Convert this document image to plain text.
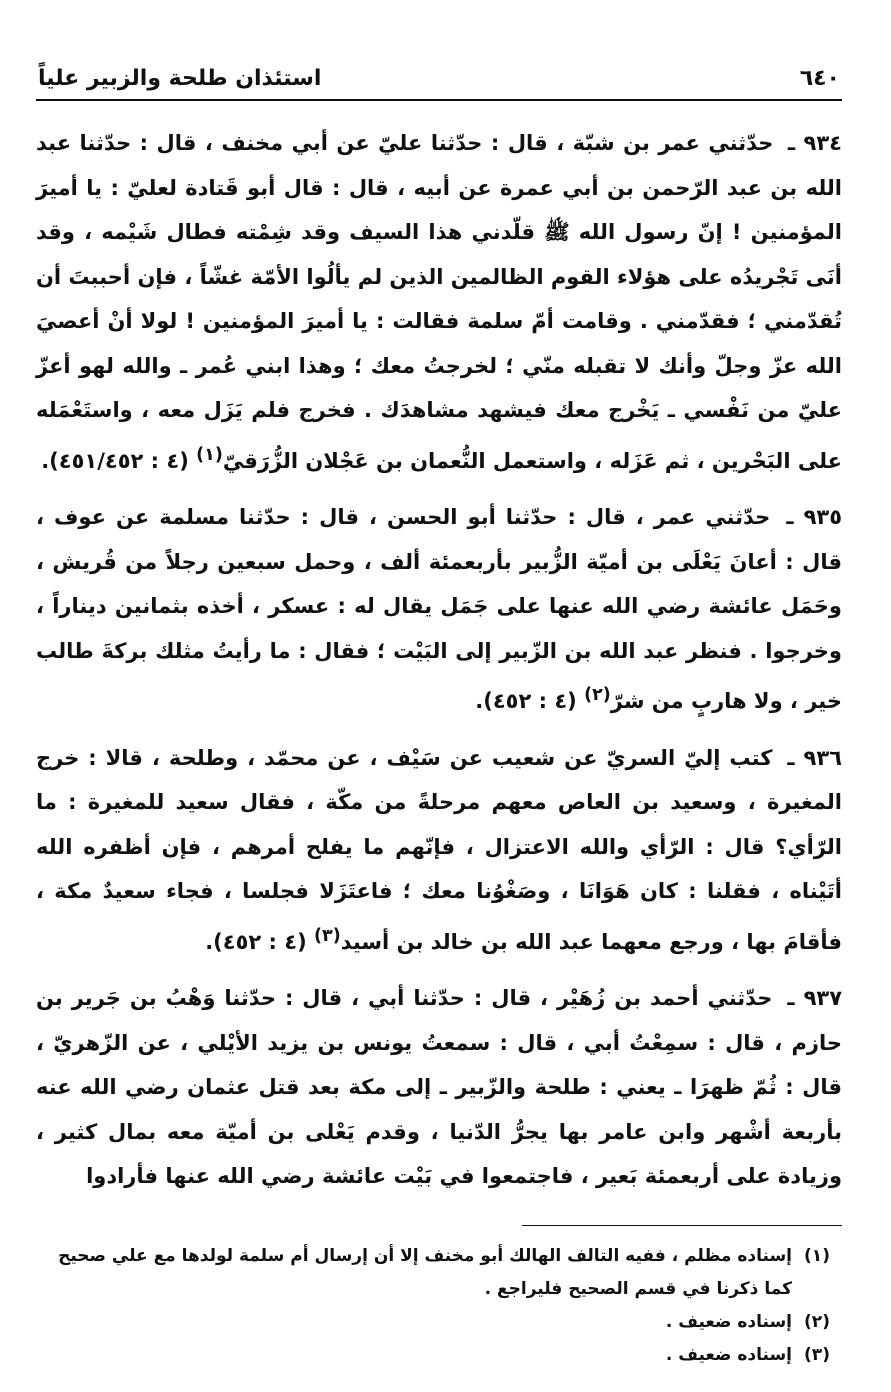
٦٤٠
استئذان طلحة والزبير علياً

٩٣٤ ـ حدّثني عمر بن شبّة ، قال : حدّثنا عليّ عن أبي مخنف ، قال : حدّثنا عبد الله بن عبد الرّحمن بن أبي عمرة عن أبيه ، قال : قال أبو قَتادة لعليّ : يا أميرَ المؤمنين ! إنّ رسول الله ﷺ قلّدني هذا السيف وقد شِمْته فطال شَيْمه ، وقد أنَى تَجْريدُه على هؤلاء القوم الظالمين الذين لم يألُوا الأمّة غشّاً ، فإن أحببتَ أن تُقدّمني ؛ فقدّمني . وقامت أمّ سلمة فقالت : يا أميرَ المؤمنين ! لولا أنْ أعصيَ الله عزّ وجلّ وأنك لا تقبله منّي ؛ لخرجتُ معك ؛ وهذا ابني عُمر ـ والله لهو أعزّ عليّ من نَفْسي ـ يَخْرج معك فيشهد مشاهدَك . فخرج فلم يَزَل معه ، واستَعْمَله على البَحْرين ، ثم عَزَله ، واستعمل النُّعمان بن عَجْلان الزُّرَقيّ$^{(١)}$ (٤ : ٤٥١/٤٥٢).

٩٣٥ ـ حدّثني عمر ، قال : حدّثنا أبو الحسن ، قال : حدّثنا مسلمة عن عوف ، قال : أعانَ يَعْلَى بن أميّة الزُّبير بأربعمئة ألف ، وحمل سبعين رجلاً من قُريش ، وحَمَل عائشة رضي الله عنها على جَمَل يقال له : عسكر ، أخذه بثمانين ديناراً ، وخرجوا . فنظر عبد الله بن الزّبير إلى البَيْت ؛ فقال : ما رأيتُ مثلك بركةَ طالب خير ، ولا هاربٍ من شرّ$^{(٢)}$ (٤ : ٤٥٢).

٩٣٦ ـ كتب إليّ السريّ عن شعيب عن سَيْف ، عن محمّد ، وطلحة ، قالا : خرج المغيرة ، وسعيد بن العاص معهم مرحلةً من مكّة ، فقال سعيد للمغيرة : ما الرّأي؟ قال : الرّأي والله الاعتزال ، فإنّهم ما يفلح أمرهم ، فإن أظفره الله أتَيْناه ، فقلنا : كان هَوَانَا ، وصَغْوُنا معك ؛ فاعتَزَلا فجلسا ، فجاء سعيدٌ مكة ، فأقامَ بها ، ورجع معهما عبد الله بن خالد بن أسيد$^{(٣)}$ (٤ : ٤٥٢).

٩٣٧ ـ حدّثني أحمد بن زُهَيْر ، قال : حدّثنا أبي ، قال : حدّثنا وَهْبُ بن جَرير بن حازم ، قال : سمِعْتُ أبي ، قال : سمعتُ يونس بن يزيد الأيْلي ، عن الزّهريّ ، قال : ثُمّ ظهرَا ـ يعني : طلحة والزّبير ـ إلى مكة بعد قتل عثمان رضي الله عنه بأربعة أشْهر وابن عامر بها يجرُّ الدّنيا ، وقدم يَعْلى بن أميّة معه بمال كثير ، وزيادة على أربعمئة بَعير ، فاجتمعوا في بَيْت عائشة رضي الله عنها فأرادوا

(١)
إسناده مظلم ، ففيه التالف الهالك أبو مخنف إلا أن إرسال أم سلمة لولدها مع علي صحيح كما ذكرنا في قسم الصحيح فليراجع .
(٢)
إسناده ضعيف .
(٣)
إسناده ضعيف .
